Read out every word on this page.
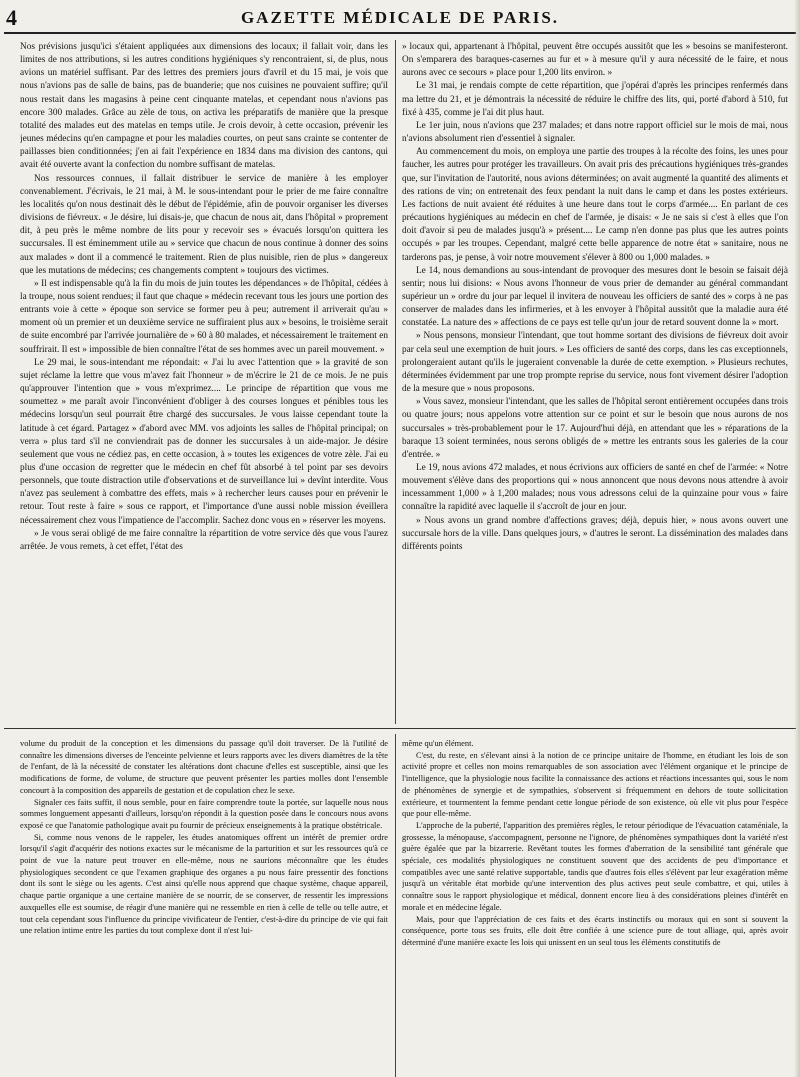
4	GAZETTE MÉDICALE DE PARIS.

Nos prévisions jusqu'ici s'étaient appliquées aux dimensions des locaux; il fallait voir, dans les limites de nos attributions, si les autres conditions hygiéniques s'y rencontraient, si, de plus, nous avions un matériel suffisant. Par des lettres des premiers jours d'avril et du 15 mai, je vois que nous n'avions pas de salle de bains, pas de buanderie; que nos cuisines ne pouvaient suffire; qu'il nous restait dans les magasins à peine cent cinquante matelas, et cependant nous n'avions pas encore 300 malades. Grâce au zèle de tous, on activa les préparatifs de manière que la presque totalité des malades eut des matelas en temps utile. Je crois devoir, à cette occasion, prévenir les jeunes médecins qu'en campagne et pour les maladies courtes, on peut sans crainte se contenter de paillasses bien conditionnées; j'en ai fait l'expérience en 1834 dans ma division des cantons, qui avait été ouverte avant la confection du nombre suffisant de matelas.

Nos ressources connues, il fallait distribuer le service de manière à les employer convenablement. J'écrivais, le 21 mai, à M. le sous-intendant pour le prier de me faire connaître les localités qu'on nous destinait dès le début de l'épidémie, afin de pouvoir organiser les diverses divisions de fiévreux. « Je désire, lui disais-je, que chacun de nous ait, dans l'hôpital » proprement dit, à peu près le même nombre de lits pour y recevoir ses » évacués lorsqu'on quittera les succursales. Il est éminemment utile au » service que chacun de nous continue à donner des soins aux malades » dont il a commencé le traitement. Rien de plus nuisible, rien de plus » dangereux que les mutations de médecins; ces changements comptent » toujours des victimes.

» Il est indispensable qu'à la fin du mois de juin toutes les dépendances » de l'hôpital, cédées à la troupe, nous soient rendues; il faut que chaque » médecin recevant tous les jours une portion des entrants voie à cette » époque son service se former peu à peu; autrement il arriverait qu'au » moment où un premier et un deuxième service ne suffiraient plus aux » besoins, le troisième serait de suite encombré par l'arrivée journalière de » 60 à 80 malades, et nécessairement le traitement en souffrirait. Il est » impossible de bien connaître l'état de ses hommes avec un pareil mouvement. »

Le 29 mai, le sous-intendant me répondait: « J'ai lu avec l'attention que » la gravité de son sujet réclame la lettre que vous m'avez fait l'honneur » de m'écrire le 21 de ce mois. Je ne puis qu'approuver l'intention que » vous m'exprimez.... Le principe de répartition que vous me soumettez » me paraît avoir l'inconvénient d'obliger à des courses longues et pénibles tous les médecins lorsqu'un seul pourrait être chargé des succursales. Je vous laisse cependant toute la latitude à cet égard. Partagez » d'abord avec MM. vos adjoints les salles de l'hôpital principal; on verra » plus tard s'il ne conviendrait pas de donner les succursales à un aide-major. Je désire seulement que vous ne cédiez pas, en cette occasion, à » toutes les exigences de votre zèle. J'ai eu plus d'une occasion de regretter que le médecin en chef fût absorbé à tel point par ses devoirs personnels, que toute distraction utile d'observations et de surveillance lui » devînt interdite. Vous n'avez pas seulement à combattre des effets, mais » à rechercher leurs causes pour en prévenir le retour. Tout reste à faire » sous ce rapport, et l'importance d'une aussi noble mission éveillera nécessairement chez vous l'impatience de l'accomplir. Sachez donc vous en » réserver les moyens.

» Je vous serai obligé de me faire connaître la répartition de votre service dès que vous l'aurez arrêtée. Je vous remets, à cet effet, l'état des

» locaux qui, appartenant à l'hôpital, peuvent être occupés aussitôt que les » besoins se manifesteront. On s'emparera des baraques-casernes au fur et » à mesure qu'il y aura nécessité de le faire, et nous aurons avec ce secours » place pour 1,200 lits environ. »

Le 31 mai, je rendais compte de cette répartition, que j'opérai d'après les principes renfermés dans ma lettre du 21, et je démontrais la nécessité de réduire le chiffre des lits, qui, porté d'abord à 510, fut fixé à 435, comme je l'ai dit plus haut.

Le 1er juin, nous n'avions que 237 malades; et dans notre rapport officiel sur le mois de mai, nous n'avions absolument rien d'essentiel à signaler.

Au commencement du mois, on employa une partie des troupes à la récolte des foins, les unes pour faucher, les autres pour protéger les travailleurs. On avait pris des précautions hygiéniques très-grandes que, sur l'invitation de l'autorité, nous avions déterminées; on avait augmenté la quantité des aliments et des rations de vin; on entretenait des feux pendant la nuit dans le camp et dans les postes extérieurs. Les factions de nuit avaient été réduites à une heure dans tout le corps d'armée.... En parlant de ces précautions hygiéniques au médecin en chef de l'armée, je disais: « Je ne sais si c'est à elles que l'on doit d'avoir si peu de malades jusqu'à » présent.... Le camp n'en donne pas plus que les autres points occupés » par les troupes. Cependant, malgré cette belle apparence de notre état » sanitaire, nous ne tarderons pas, je pense, à voir notre mouvement s'élever à 800 ou 1,000 malades. »

Le 14, nous demandions au sous-intendant de provoquer des mesures dont le besoin se faisait déjà sentir; nous lui disions: « Nous avons l'honneur de vous prier de demander au général commandant supérieur un » ordre du jour par lequel il invitera de nouveau les officiers de santé des » corps à ne pas conserver de malades dans les infirmeries, et à les envoyer à l'hôpital aussitôt que la maladie aura été constatée. La nature des » affections de ce pays est telle qu'un jour de retard souvent donne la » mort.

» Nous pensons, monsieur l'intendant, que tout homme sortant des divisions de fiévreux doit avoir par cela seul une exemption de huit jours. » Les officiers de santé des corps, dans les cas exceptionnels, prolongeraient autant qu'ils le jugeraient convenable la durée de cette exemption. » Plusieurs rechutes, déterminées évidemment par une trop prompte reprise du service, nous font vivement désirer l'adoption de la mesure que » nous proposons.

» Vous savez, monsieur l'intendant, que les salles de l'hôpital seront entièrement occupées dans trois ou quatre jours; nous appelons votre attention sur ce point et sur le besoin que nous aurons de nos succursales » très-probablement pour le 17. Aujourd'hui déjà, en attendant que les » réparations de la baraque 13 soient terminées, nous serons obligés de » mettre les entrants sous les galeries de la cour d'entrée. »

Le 19, nous avions 472 malades, et nous écrivions aux officiers de santé en chef de l'armée: « Notre mouvement s'élève dans des proportions qui » nous annoncent que nous devons nous attendre à avoir incessamment 1,000 » à 1,200 malades; nous vous adressons celui de la quinzaine pour vous » faire connaître la rapidité avec laquelle il s'accroît de jour en jour.

» Nous avons un grand nombre d'affections graves; déjà, depuis hier, » nous avons ouvert une succursale hors de la ville. Dans quelques jours, » d'autres le seront. La dissémination des malades dans différents points

volume du produit de la conception et les dimensions du passage qu'il doit traverser. De là l'utilité de connaître les dimensions diverses de l'enceinte pelvienne et leurs rapports avec les divers diamètres de la tête de l'enfant, de là la nécessité de constater les altérations dont chacune d'elles est susceptible, ainsi que les modifications de forme, de volume, de structure que peuvent présenter les parties molles dont l'ensemble concourt à la composition des appareils de gestation et de copulation chez le sexe.

Signaler ces faits suffit, il nous semble, pour en faire comprendre toute la portée, sur laquelle nous nous sommes longuement appesanti d'ailleurs, lorsqu'on répondit à la question posée dans le concours nous avons exposé ce que l'anatomie pathologique avait pu fournir de précieux enseignements à la pratique obstétricale.

Si, comme nous venons de le rappeler, les études anatomiques offrent un intérêt de premier ordre lorsqu'il s'agit d'acquérir des notions exactes sur le mécanisme de la parturition et sur les ressources qu'à ce point de vue la nature peut trouver en elle-même, nous ne saurions méconnaître que les études physiologiques secondent ce que l'examen graphique des organes a pu nous faire pressentir des fonctions dont ils sont le siège ou les agents. C'est ainsi qu'elle nous apprend que chaque système, chaque appareil, chaque partie organique a une certaine manière de se nourrir, de se conserver, de ressentir les impressions auxquelles elle est soumise, de réagir d'une manière qui ne ressemble en rien à celle de telle ou telle autre, et tout cela cependant sous l'influence du principe vivificateur de l'entier, c'est-à-dire du principe de vie qui fait une relation intime entre les parties du tout complexe dont il n'est lui-

même qu'un élément.

C'est, du reste, en s'élevant ainsi à la notion de ce principe unitaire de l'homme, en étudiant les lois de son activité propre et celles non moins remarquables de son association avec l'élément organique et le principe de l'intelligence, que la physiologie nous facilite la connaissance des actions et réactions incessantes qui, sous le nom de phénomènes de synergie et de sympathies, s'observent si fréquemment en dehors de toute sollicitation extérieure, et tourmentent la femme pendant cette longue période de son existence, où elle vit plus pour l'espèce que pour elle-même.

L'approche de la puberté, l'apparition des premières règles, le retour périodique de l'évacuation cataméniale, la grossesse, la ménopause, s'accompagnent, personne ne l'ignore, de phénomènes sympathiques dont la variété n'est guère égalée que par la bizarrerie. Revêtant toutes les formes d'aberration de la sensibilité tant générale que spéciale, ces modalités physiologiques ne constituent souvent que des accidents de peu d'importance et compatibles avec une santé relative supportable, tandis que d'autres fois elles s'élèvent par leur exagération même jusqu'à un véritable état morbide qu'une intervention des plus actives peut seule combattre, et qui, utiles à connaître sous le rapport physiologique et médical, donnent encore lieu à des considérations pleines d'intérêt en morale et en médecine légale.

Mais, pour que l'appréciation de ces faits et des écarts instinctifs ou moraux qui en sont si souvent la conséquence, porte tous ses fruits, elle doit être confiée à une science pure de tout alliage, qui, après avoir déterminé d'une manière exacte les lois qui unissent en un seul tous les éléments constitutifs de
